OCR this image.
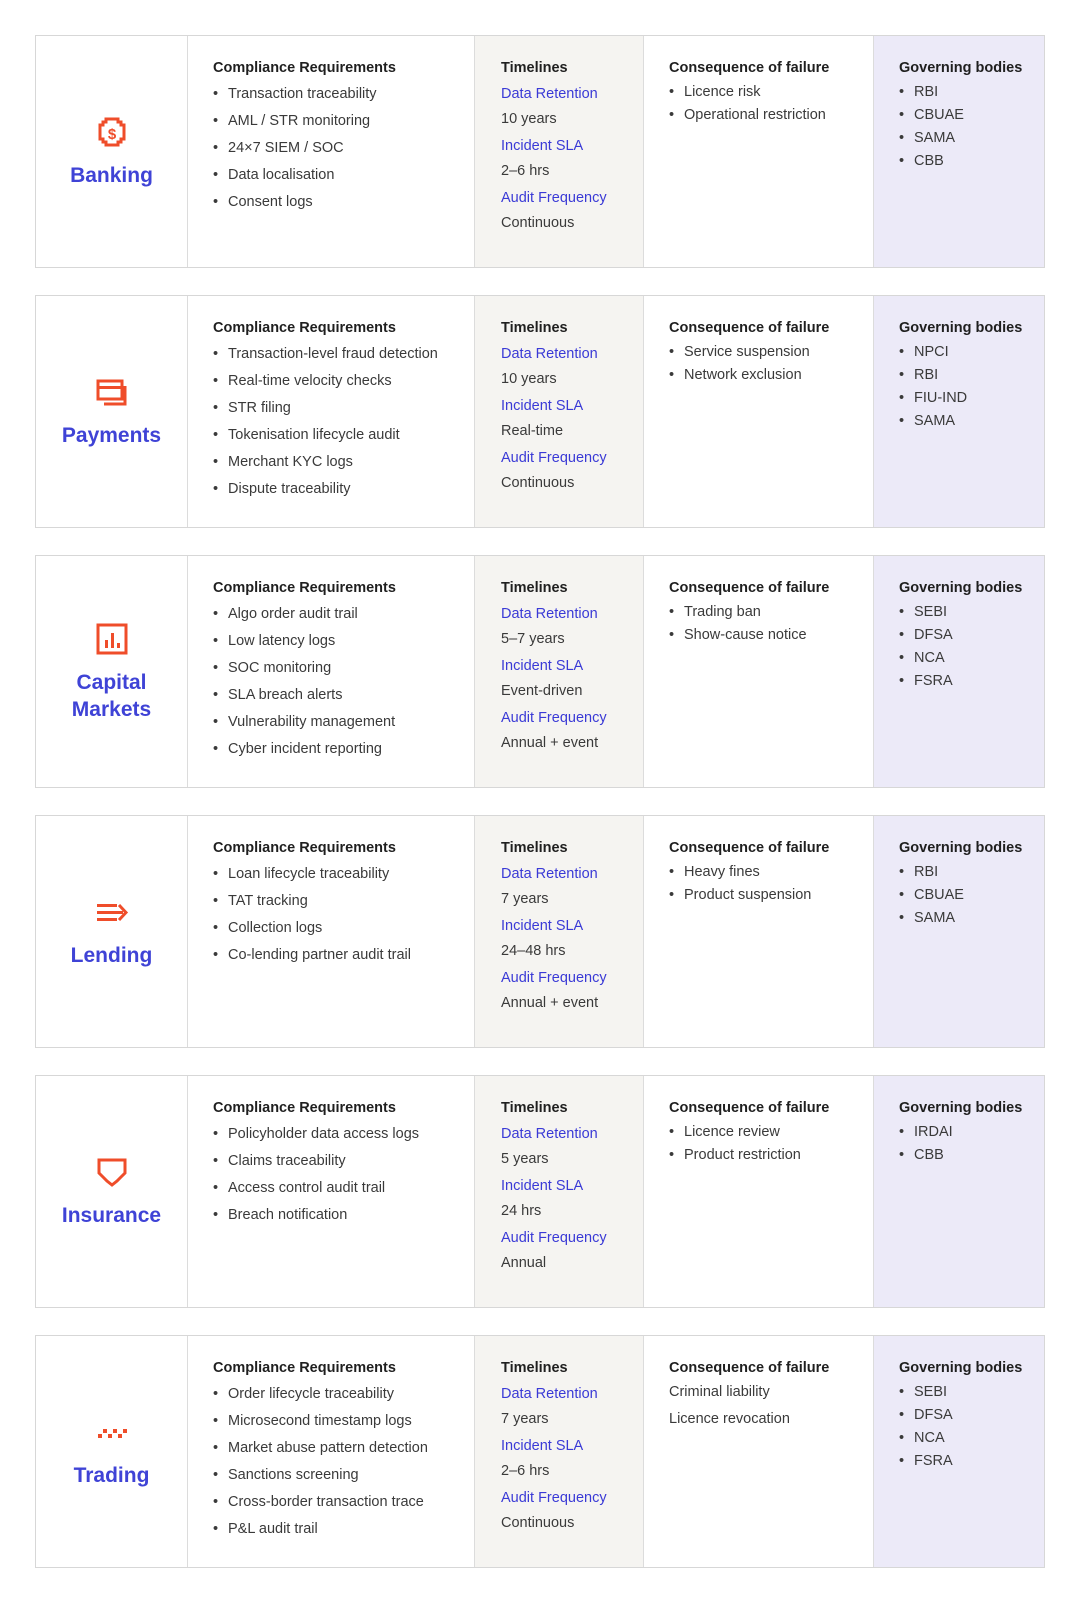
$
Banking
Compliance Requirements
• Transaction traceability
• AML / STR monitoring
• 24×7 SIEM / SOC
• Data localisation
• Consent logs
Timelines
Data Retention
10 years
Incident SLA
2–6 hrs
Audit Frequency
Continuous
Consequence of failure
• Licence risk
• Operational restriction
Governing bodies
• RBI
• CBUAE
• SAMA
• CBB
Payments
Compliance Requirements
• Transaction-level fraud detection
• Real-time velocity checks
• STR filing
• Tokenisation lifecycle audit
• Merchant KYC logs
• Dispute traceability
Timelines
Data Retention
10 years
Incident SLA
Real-time
Audit Frequency
Continuous
Consequence of failure
• Service suspension
• Network exclusion
Governing bodies
• NPCI
• RBI
• FIU-IND
• SAMA
Capital Markets
Compliance Requirements
• Algo order audit trail
• Low latency logs
• SOC monitoring
• SLA breach alerts
• Vulnerability management
• Cyber incident reporting
Timelines
Data Retention
5–7 years
Incident SLA
Event-driven
Audit Frequency
Annual + event
Consequence of failure
• Trading ban
• Show-cause notice
Governing bodies
• SEBI
• DFSA
• NCA
• FSRA
Lending
Compliance Requirements
• Loan lifecycle traceability
• TAT tracking
• Collection logs
• Co-lending partner audit trail
Timelines
Data Retention
7 years
Incident SLA
24–48 hrs
Audit Frequency
Annual + event
Consequence of failure
• Heavy fines
• Product suspension
Governing bodies
• RBI
• CBUAE
• SAMA
Insurance
Compliance Requirements
• Policyholder data access logs
• Claims traceability
• Access control audit trail
• Breach notification
Timelines
Data Retention
5 years
Incident SLA
24 hrs
Audit Frequency
Annual
Consequence of failure
• Licence review
• Product restriction
Governing bodies
• IRDAI
• CBB
Trading
Compliance Requirements
• Order lifecycle traceability
• Microsecond timestamp logs
• Market abuse pattern detection
• Sanctions screening
• Cross-border transaction trace
• P&L audit trail
Timelines
Data Retention
7 years
Incident SLA
2–6 hrs
Audit Frequency
Continuous
Consequence of failure
Criminal liability
Licence revocation
Governing bodies
• SEBI
• DFSA
• NCA
• FSRA
